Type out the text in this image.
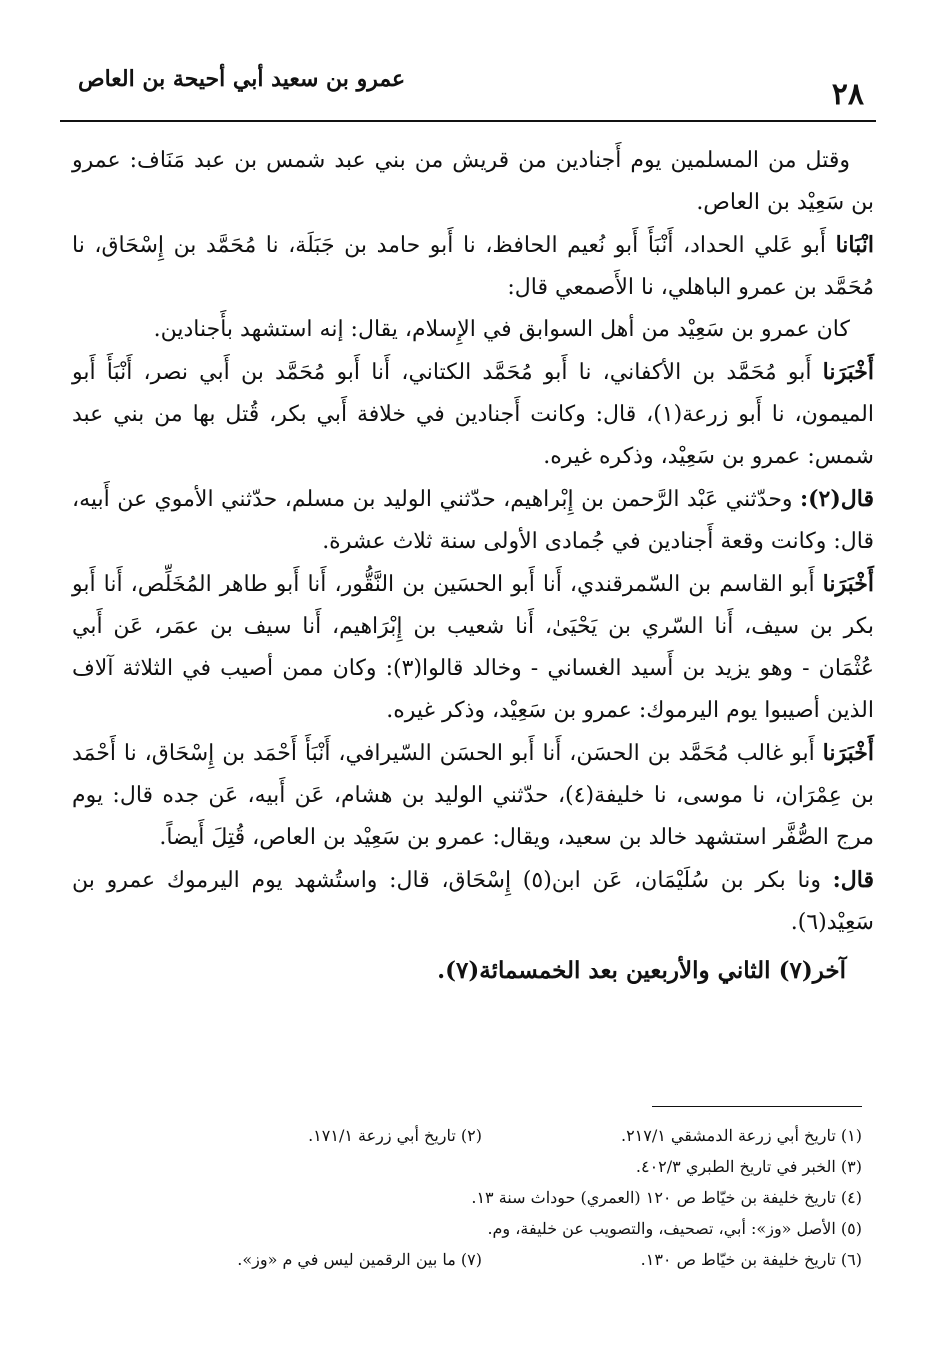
٢٨
عمرو بن سعيد أبي أحيحة بن العاص

وقتل من المسلمين يوم أَجنادين من قريش من بني عبد شمس بن عبد مَنَاف: عمرو بن سَعِيْد بن العاص.

انْبَانا أَبو عَلي الحداد، أَنْبَأَ أَبو نُعيم الحافظ، نا أَبو حامد بن جَبَلَة، نا مُحَمَّد بن إِسْحَاق، نا مُحَمَّد بن عمرو الباهلي، نا الأَصمعي قال:

كان عمرو بن سَعِيْد من أهل السوابق في الإِسلام، يقال: إنه استشهد بأَجنادين.

أَخْبَرَنا أَبو مُحَمَّد بن الأكفاني، نا أَبو مُحَمَّد الكتاني، أَنا أَبو مُحَمَّد بن أَبي نصر، أَنْبَأَ أَبو الميمون، نا أَبو زرعة(١)، قال: وكانت أَجنادين في خلافة أَبي بكر، قُتل بها من بني عبد شمس: عمرو بن سَعِيْد، وذكره غيره.

قال(٢): وحدّثني عَبْد الرَّحمن بن إِبْراهيم، حدّثني الوليد بن مسلم، حدّثني الأموي عن أَبيه، قال: وكانت وقعة أَجنادين في جُمادى الأولى سنة ثلاث عشرة.

أَخْبَرَنا أَبو القاسم بن السّمرقندي، أَنا أَبو الحسَين بن النَّقُّور، أَنا أَبو طاهر المُخَلِّص، أَنا أَبو بكر بن سيف، أَنا السّري بن يَحْيَىٰ، أَنا شعيب بن إِبْرَاهيم، أَنا سيف بن عمَر، عَن أَبي عُثْمَان - وهو يزيد بن أَسيد الغساني - وخالد قالوا(٣): وكان ممن أصيب في الثلاثة آلاف الذين أصيبوا يوم اليرموك: عمرو بن سَعِيْد، وذكر غيره.

أَخْبَرَنا أَبو غالب مُحَمَّد بن الحسَن، أَنا أَبو الحسَن السّيرافي، أَنْبَأَ أَحْمَد بن إِسْحَاق، نا أَحْمَد بن عِمْرَان، نا موسى، نا خليفة(٤)، حدّثني الوليد بن هشام، عَن أَبيه، عَن جده قال: يوم مرج الصُّفَّر استشهد خالد بن سعيد، ويقال: عمرو بن سَعِيْد بن العاص، قُتِلَ أَيضاً.

قال: ونا بكر بن سُلَيْمَان، عَن ابن(٥) إِسْحَاق، قال: واستُشهد يوم اليرموك عمرو بن سَعِيْد(٦).

آخر(٧) الثاني والأربعين بعد الخمسمائة(٧).

(١) تاريخ أبي زرعة الدمشقي ٢١٧/١.
(٢) تاريخ أبي زرعة ١٧١/١.
(٣) الخبر في تاريخ الطبري ٤٠٢/٣.
(٤) تاريخ خليفة بن خيّاط ص ١٢٠ (العمري) حوداث سنة ١٣.
(٥) الأصل «وز»: أبي، تصحيف، والتصويب عن خليفة، وم.
(٦) تاريخ خليفة بن خيّاط ص ١٣٠.
(٧) ما بين الرقمين ليس في م «وز».
